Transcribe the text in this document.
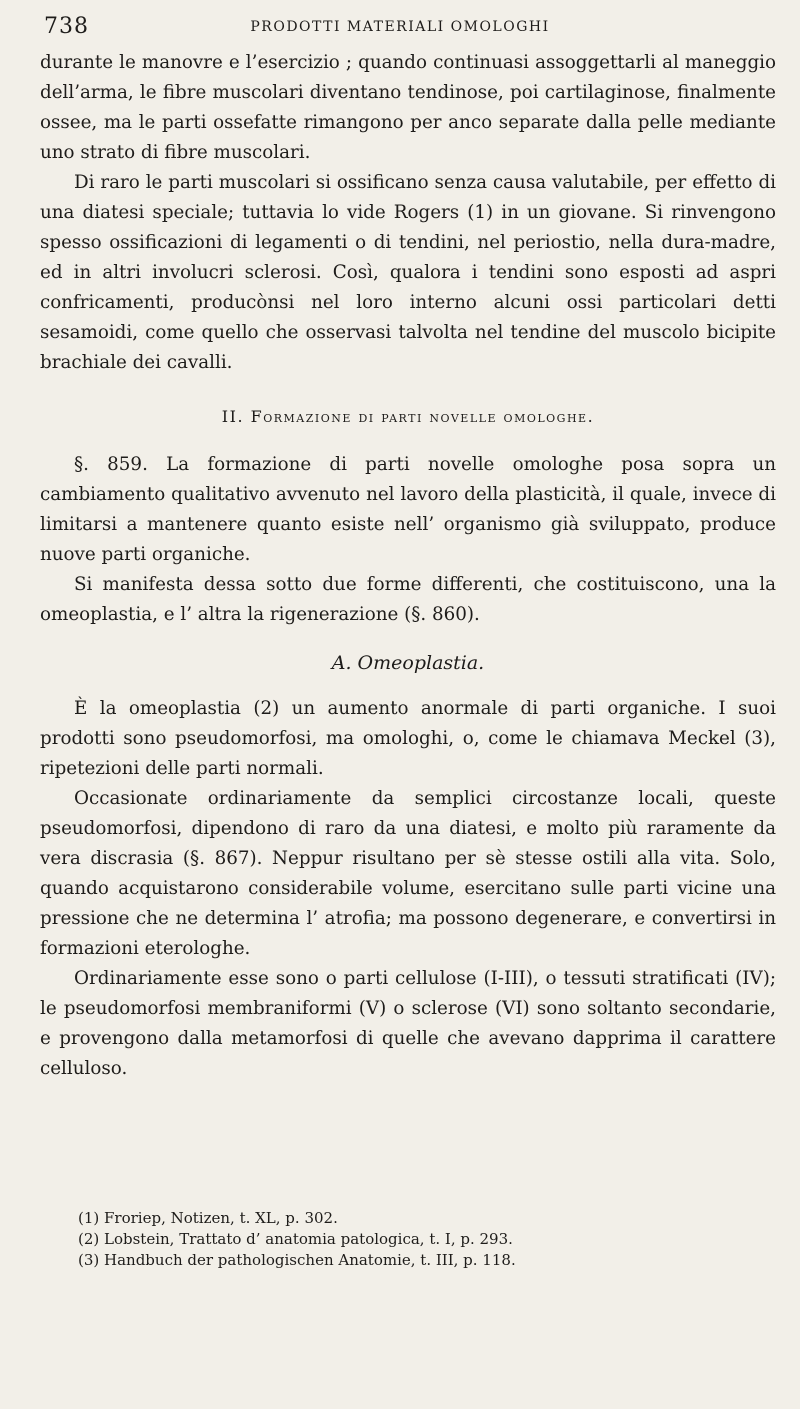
738	PRODOTTI MATERIALI OMOLOGHI

durante le manovre e l’esercizio ; quando continuasi assoggettarli al maneggio dell’arma, le fibre muscolari diventano tendinose, poi cartilaginose, finalmente ossee, ma le parti ossefatte rimangono per anco separate dalla pelle mediante uno strato di fibre muscolari.

Di raro le parti muscolari si ossificano senza causa valutabile, per effetto di una diatesi speciale; tuttavia lo vide Rogers (1) in un giovane. Si rinvengono spesso ossificazioni di legamenti o di tendini, nel periostio, nella dura-madre, ed in altri involucri sclerosi. Così, qualora i tendini sono esposti ad aspri confricamenti, producònsi nel loro interno alcuni ossi particolari detti sesamoidi, come quello che osservasi talvolta nel tendine del muscolo bicipite brachiale dei cavalli.

II. Formazione di parti novelle omologhe.

§. 859. La formazione di parti novelle omologhe posa sopra un cambiamento qualitativo avvenuto nel lavoro della plasticità, il quale, invece di limitarsi a mantenere quanto esiste nell’ organismo già sviluppato, produce nuove parti organiche.

Si manifesta dessa sotto due forme differenti, che costituiscono, una la omeoplastia, e l’ altra la rigenerazione (§. 860).

A. Omeoplastia.

È la omeoplastia (2) un aumento anormale di parti organiche. I suoi prodotti sono pseudomorfosi, ma omologhi, o, come le chiamava Meckel (3), ripetezioni delle parti normali.

Occasionate ordinariamente da semplici circostanze locali, queste pseudomorfosi, dipendono di raro da una diatesi, e molto più raramente da vera discrasia (§. 867). Neppur risultano per sè stesse ostili alla vita. Solo, quando acquistarono considerabile volume, esercitano sulle parti vicine una pressione che ne determina l’ atrofia; ma possono degenerare, e convertirsi in formazioni eterologhe.

Ordinariamente esse sono o parti cellulose (I-III), o tessuti stratificati (IV); le pseudomorfosi membraniformi (V) o sclerose (VI) sono soltanto secondarie, e provengono dalla metamorfosi di quelle che avevano dapprima il carattere celluloso.

(1) Froriep, Notizen, t. XL, p. 302.
(2) Lobstein, Trattato d’ anatomia patologica, t. I, p. 293.
(3) Handbuch der pathologischen Anatomie, t. III, p. 118.
